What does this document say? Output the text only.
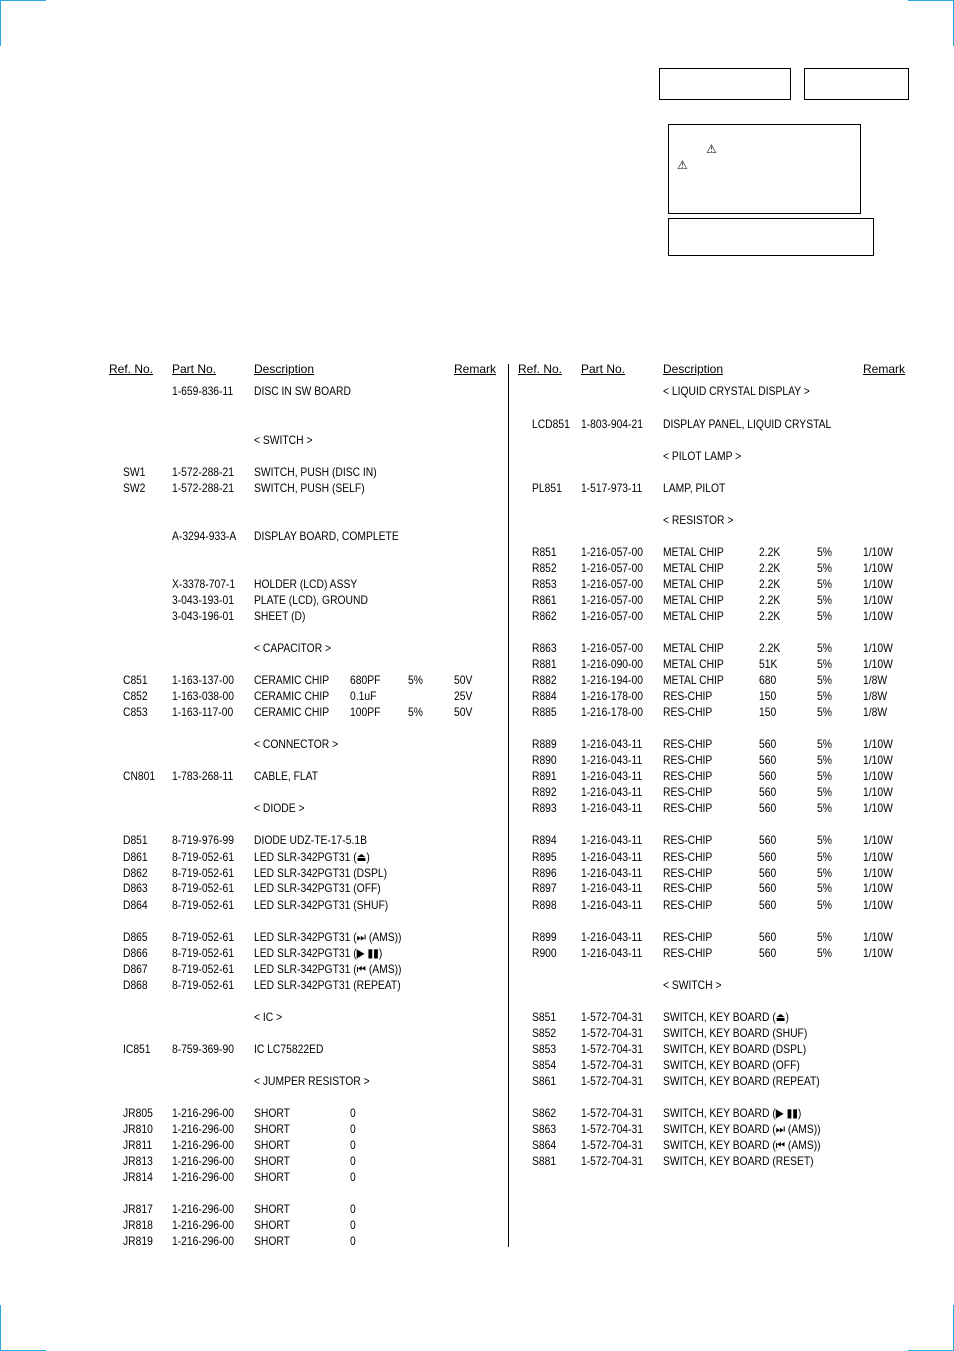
⚠
⚠
Ref. No. Part No.	Description	Remark Ref. No. Part No.	Description	Remark
1-659-836-11 DISC IN SW BOARD
< SWITCH >
SW1 1-572-288-21 SWITCH, PUSH (DISC IN)
SW2 1-572-288-21 SWITCH, PUSH (SELF)
A-3294-933-A DISPLAY BOARD, COMPLETE
X-3378-707-1 HOLDER (LCD) ASSY
3-043-193-01 PLATE (LCD), GROUND
3-043-196-01 SHEET (D)
< CAPACITOR >
C851 1-163-137-00 CERAMIC CHIP 680PF 5%	50V
C852 1-163-038-00 CERAMIC CHIP 0.1uF	25V
C853 1-163-117-00 CERAMIC CHIP 100PF 5%	50V
< CONNECTOR >
CN801 1-783-268-11 CABLE, FLAT
< DIODE >
D851 8-719-976-99 DIODE UDZ-TE-17-5.1B
D861 8-719-052-61 LED SLR-342PGT31 (⏏)
D862 8-719-052-61 LED SLR-342PGT31 (DSPL)
D863 8-719-052-61 LED SLR-342PGT31 (OFF)
D864 8-719-052-61 LED SLR-342PGT31 (SHUF)
D865 8-719-052-61 LED SLR-342PGT31 (⏭ (AMS))
D866 8-719-052-61 LED SLR-342PGT31 (▶ ▮▮)
D867 8-719-052-61 LED SLR-342PGT31 (⏮ (AMS))
D868 8-719-052-61 LED SLR-342PGT31 (REPEAT)
< IC >
IC851 8-759-369-90 IC LC75822ED
< JUMPER RESISTOR >
JR805 1-216-296-00 SHORT	0
JR810 1-216-296-00 SHORT	0
JR811 1-216-296-00 SHORT	0
JR813 1-216-296-00 SHORT	0
JR814 1-216-296-00 SHORT	0
JR817 1-216-296-00 SHORT	0
JR818 1-216-296-00 SHORT	0
JR819 1-216-296-00 SHORT	0
< LIQUID CRYSTAL DISPLAY >
LCD851 1-803-904-21 DISPLAY PANEL, LIQUID CRYSTAL
< PILOT LAMP >
PL851 1-517-973-11 LAMP, PILOT
< RESISTOR >
R851 1-216-057-00 METAL CHIP	2.2K	5%	1/10W
R852 1-216-057-00 METAL CHIP	2.2K	5%	1/10W
R853 1-216-057-00 METAL CHIP	2.2K	5%	1/10W
R861 1-216-057-00 METAL CHIP	2.2K	5%	1/10W
R862 1-216-057-00 METAL CHIP	2.2K	5%	1/10W
R863 1-216-057-00 METAL CHIP	2.2K	5%	1/10W
R881 1-216-090-00 METAL CHIP	51K	5%	1/10W
R882 1-216-194-00 METAL CHIP	680	5%	1/8W
R884 1-216-178-00 RES-CHIP	150	5%	1/8W
R885 1-216-178-00 RES-CHIP	150	5%	1/8W
R889 1-216-043-11 RES-CHIP	560	5%	1/10W
R890 1-216-043-11 RES-CHIP	560	5%	1/10W
R891 1-216-043-11 RES-CHIP	560	5%	1/10W
R892 1-216-043-11 RES-CHIP	560	5%	1/10W
R893 1-216-043-11 RES-CHIP	560	5%	1/10W
R894 1-216-043-11 RES-CHIP	560	5%	1/10W
R895 1-216-043-11 RES-CHIP	560	5%	1/10W
R896 1-216-043-11 RES-CHIP	560	5%	1/10W
R897 1-216-043-11 RES-CHIP	560	5%	1/10W
R898 1-216-043-11 RES-CHIP	560	5%	1/10W
R899 1-216-043-11 RES-CHIP	560	5%	1/10W
R900 1-216-043-11 RES-CHIP	560	5%	1/10W
< SWITCH >
S851 1-572-704-31 SWITCH, KEY BOARD (⏏)
S852 1-572-704-31 SWITCH, KEY BOARD (SHUF)
S853 1-572-704-31 SWITCH, KEY BOARD (DSPL)
S854 1-572-704-31 SWITCH, KEY BOARD (OFF)
S861 1-572-704-31 SWITCH, KEY BOARD (REPEAT)
S862 1-572-704-31 SWITCH, KEY BOARD (▶ ▮▮)
S863 1-572-704-31 SWITCH, KEY BOARD (⏭ (AMS))
S864 1-572-704-31 SWITCH, KEY BOARD (⏮ (AMS))
S881 1-572-704-31 SWITCH, KEY BOARD (RESET)
